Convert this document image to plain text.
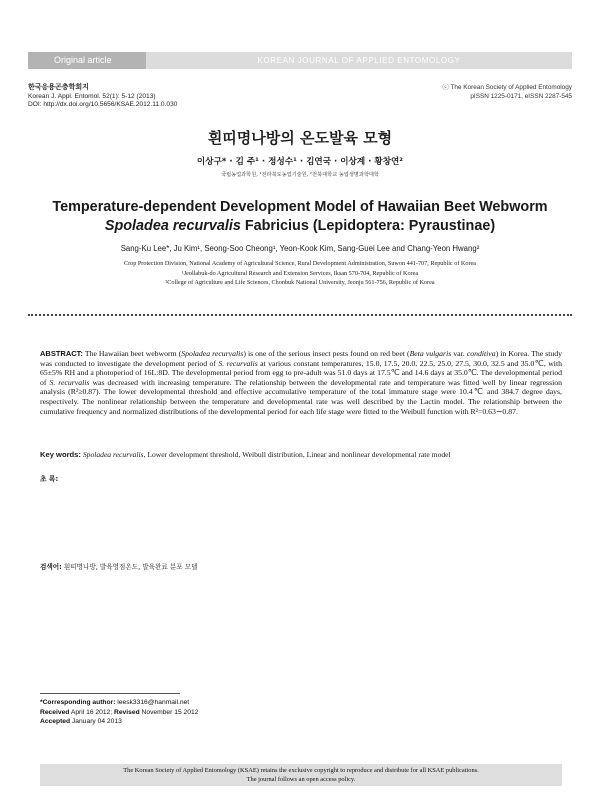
Original article	KOREAN JOURNAL OF APPLIED ENTOMOLOGY
한국응용곤충학회지
Korean J. Appl. Entomol. 52(1): 5-12 (2013)
DOI: http://dx.doi.org/10.5656/KSAE.2012.11.0.030
ⓒ The Korean Society of Applied Entomology
pISSN 1225-0171, eISSN 2287-545
흰띠명나방의 온도발육 모형
이상구* · 김 주¹ · 정성수¹ · 김연국 · 이상계 · 황창연²
국립농업과학원, ¹전라북도농업기술원, ²전북대학교 농업생명과학대학
Temperature-dependent Development Model of Hawaiian Beet Webworm
Spoladea recurvalis Fabricius (Lepidoptera: Pyraustinae)
Sang-Ku Lee*, Ju Kim¹, Seong-Soo Cheong¹, Yeon-Kook Kim, Sang-Guei Lee and Chang-Yeon Hwang²
Crop Protection Division, National Academy of Agricultural Science, Rural Development Administration, Suwon 441-707, Republic of Korea
¹Jeollabuk-do Agricultural Research and Extension Services, Iksan 570-704, Republic of Korea
²College of Agriculture and Life Sciences, Chonbuk National University, Jeonju 561-756, Republic of Korea
ABSTRACT: The Hawaiian beet webworm (Spoladea recurvalis) is one of the serious insect pests found on red beet (Beta vulgaris var. conditiva) in Korea. The study was conducted to investigate the development period of S. recurvalis at various constant temperatures, 15.0, 17.5, 20.0, 22.5, 25.0, 27.5, 30.0, 32.5 and 35.0℃, with 65±5% RH and a photoperiod of 16L:8D. The developmental period from egg to pre-adult was 51.0 days at 17.5℃ and 14.6 days at 35.0℃. The developmental period of S. recurvalis was decreased with increasing temperature. The relationship between the developmental rate and temperature was fitted well by linear regression analysis (R²≥0.87). The lower developmental threshold and effective accumulative temperature of the total immature stage were 10.4℃ and 384.7 degree days, respectively. The nonlinear relationship between the temperature and developmental rate was well described by the Lactin model. The relationship between the cumulative frequency and normalized distributions of the developmental period for each life stage were fitted to the Weibull function with R²=0.63∼0.87.
Key words: Spoladea recurvalis, Lower development threshold, Weibull distribution, Linear and nonlinear developmental rate model
초 록:
검색어: 흰띠명나방, 발육영점온도, 발육완료 분포 모델
*Corresponding author: leesk3316@hanmail.net
Received April 16 2012; Revised November 15 2012
Accepted January 04 2013
The Korean Society of Applied Entomology (KSAE) retains the exclusive copyright to reproduce and distribute for all KSAE publications.
The journal follows an open access policy.
